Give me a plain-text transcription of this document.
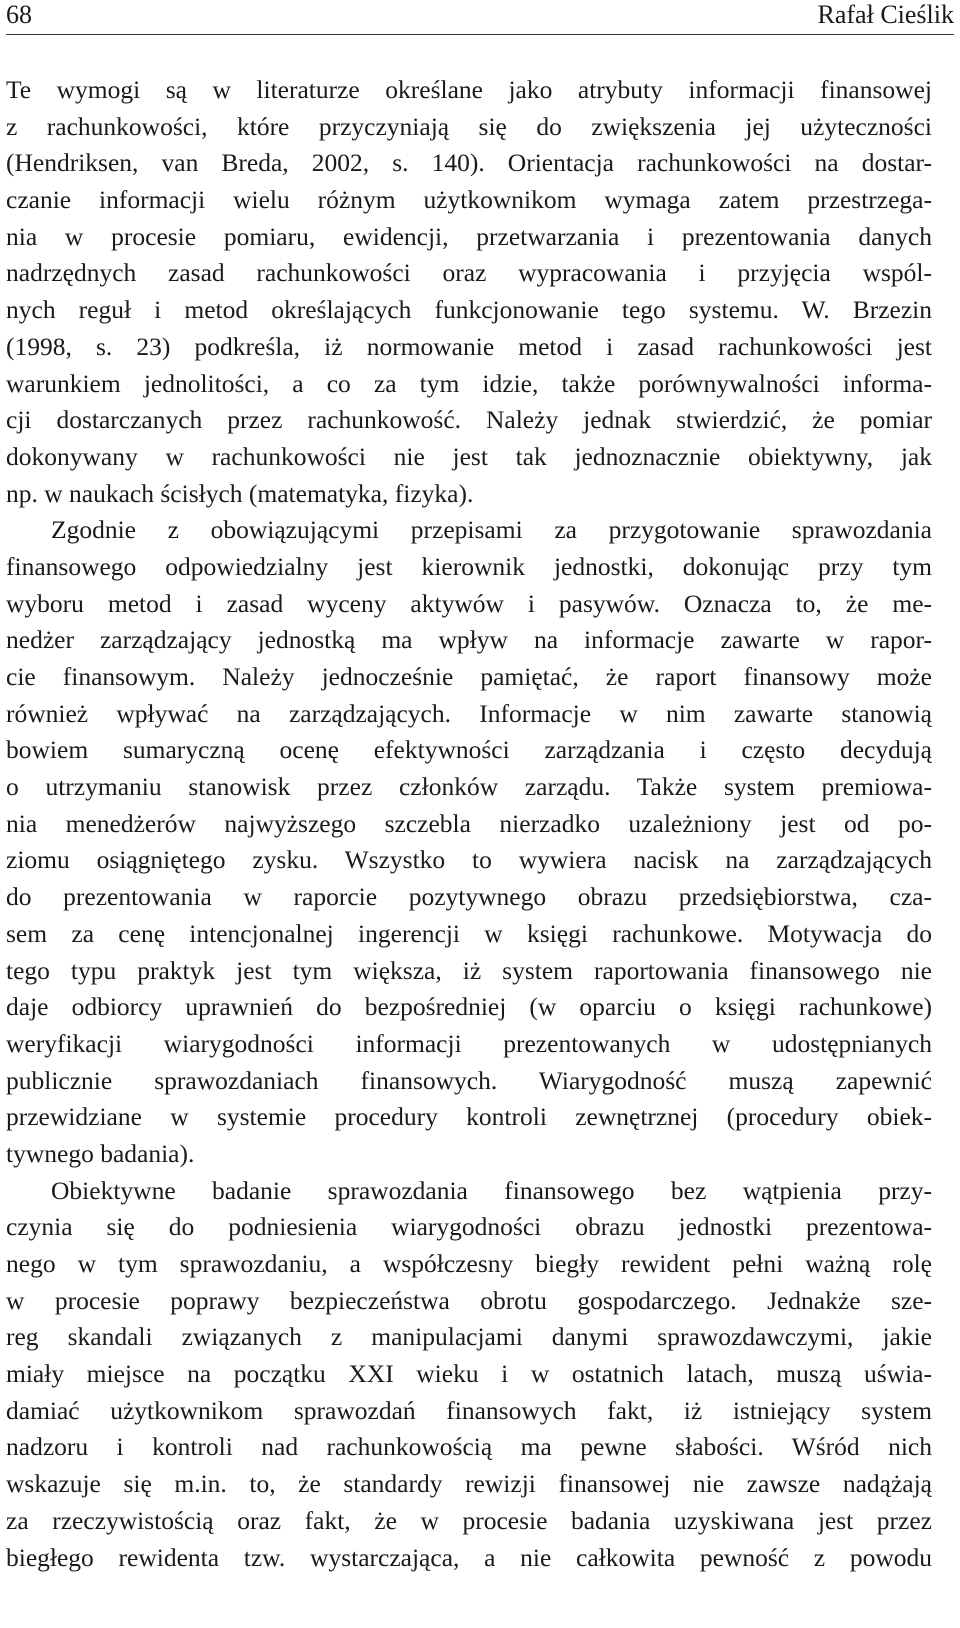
68	Rafał Cieślik
Te wymogi są w literaturze określane jako atrybuty informacji finansowej
z rachunkowości, które przyczyniają się do zwiększenia jej użyteczności
(Hendriksen, van Breda, 2002, s. 140). Orientacja rachunkowości na dostar-
czanie informacji wielu różnym użytkownikom wymaga zatem przestrzega-
nia w procesie pomiaru, ewidencji, przetwarzania i prezentowania danych
nadrzędnych zasad rachunkowości oraz wypracowania i przyjęcia wspól-
nych reguł i metod określających funkcjonowanie tego systemu. W. Brzezin
(1998, s. 23) podkreśla, iż normowanie metod i zasad rachunkowości jest
warunkiem jednolitości, a co za tym idzie, także porównywalności informa-
cji dostarczanych przez rachunkowość. Należy jednak stwierdzić, że pomiar
dokonywany w rachunkowości nie jest tak jednoznacznie obiektywny, jak
np. w naukach ścisłych (matematyka, fizyka).
Zgodnie z obowiązującymi przepisami za przygotowanie sprawozdania
finansowego odpowiedzialny jest kierownik jednostki, dokonując przy tym
wyboru metod i zasad wyceny aktywów i pasywów. Oznacza to, że me-
nedżer zarządzający jednostką ma wpływ na informacje zawarte w rapor-
cie finansowym. Należy jednocześnie pamiętać, że raport finansowy może
również wpływać na zarządzających. Informacje w nim zawarte stanowią
bowiem sumaryczną ocenę efektywności zarządzania i często decydują
o utrzymaniu stanowisk przez członków zarządu. Także system premiowa-
nia menedżerów najwyższego szczebla nierzadko uzależniony jest od po-
ziomu osiągniętego zysku. Wszystko to wywiera nacisk na zarządzających
do prezentowania w raporcie pozytywnego obrazu przedsiębiorstwa, cza-
sem za cenę intencjonalnej ingerencji w księgi rachunkowe. Motywacja do
tego typu praktyk jest tym większa, iż system raportowania finansowego nie
daje odbiorcy uprawnień do bezpośredniej (w oparciu o księgi rachunkowe)
weryfikacji wiarygodności informacji prezentowanych w udostępnianych
publicznie sprawozdaniach finansowych. Wiarygodność muszą zapewnić
przewidziane w systemie procedury kontroli zewnętrznej (procedury obiek-
tywnego badania).
Obiektywne badanie sprawozdania finansowego bez wątpienia przy-
czynia się do podniesienia wiarygodności obrazu jednostki prezentowa-
nego w tym sprawozdaniu, a współczesny biegły rewident pełni ważną rolę
w procesie poprawy bezpieczeństwa obrotu gospodarczego. Jednakże sze-
reg skandali związanych z manipulacjami danymi sprawozdawczymi, jakie
miały miejsce na początku XXI wieku i w ostatnich latach, muszą uświa-
damiać użytkownikom sprawozdań finansowych fakt, iż istniejący system
nadzoru i kontroli nad rachunkowością ma pewne słabości. Wśród nich
wskazuje się m.in. to, że standardy rewizji finansowej nie zawsze nadążają
za rzeczywistością oraz fakt, że w procesie badania uzyskiwana jest przez
biegłego rewidenta tzw. wystarczająca, a nie całkowita pewność z powodu
